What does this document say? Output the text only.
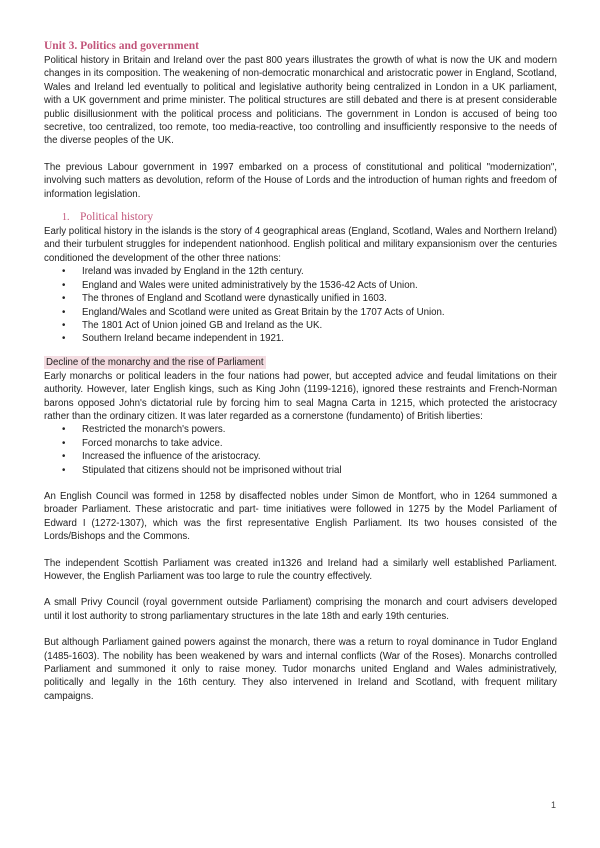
Unit 3. Politics and government

Political history in Britain and Ireland over the past 800 years illustrates the growth of what is now the UK and modern changes in its composition. The weakening of non-democratic monarchical and aristocratic power in England, Scotland, Wales and Ireland led eventually to political and legislative authority being centralized in London in a UK parliament, with a UK government and prime minister. The political structures are still debated and there is at present considerable public disillusionment with the political process and politicians. The government in London is accused of being too secretive, too centralized, too remote, too media-reactive, too controlling and insufficiently responsive to the needs of the diverse peoples of the UK.

The previous Labour government in 1997 embarked on a process of constitutional and political "modernization", involving such matters as devolution, reform of the House of Lords and the introduction of human rights and freedom of information legislation.

1. Political history

Early political history in the islands is the story of 4 geographical areas (England, Scotland, Wales and Northern Ireland) and their turbulent struggles for independent nationhood. English political and military expansionism over the centuries conditioned the development of the other three nations:

•	Ireland was invaded by England in the 12th century.
•	England and Wales were united administratively by the 1536-42 Acts of Union.
•	The thrones of England and Scotland were dynastically unified in 1603.
•	England/Wales and Scotland were united as Great Britain by the 1707 Acts of Union.
•	The 1801 Act of Union joined GB and Ireland as the UK.
•	Southern Ireland became independent in 1921.
Decline of the monarchy and the rise of Parliament

Early monarchs or political leaders in the four nations had power, but accepted advice and feudal limitations on their authority. However, later English kings, such as King John (1199-1216), ignored these restraints and French-Norman barons opposed John's dictatorial rule by forcing him to seal Magna Carta in 1215, which protected the aristocracy rather than the ordinary citizen. It was later regarded as a cornerstone (fundamento) of British liberties:

•	Restricted the monarch's powers.
•	Forced monarchs to take advice.
•	Increased the influence of the aristocracy.
•	Stipulated that citizens should not be imprisoned without trial

An English Council was formed in 1258 by disaffected nobles under Simon de Montfort, who in 1264 summoned a broader Parliament. These aristocratic and part- time initiatives were followed in 1275 by the Model Parliament of Edward I (1272-1307), which was the first representative English Parliament. Its two houses consisted of the Lords/Bishops and the Commons.

The independent Scottish Parliament was created in1326 and Ireland had a similarly well established Parliament. However, the English Parliament was too large to rule the country effectively.

A small Privy Council (royal government outside Parliament) comprising the monarch and court advisers developed until it lost authority to strong parliamentary structures in the late 18th and early 19th centuries.

But although Parliament gained powers against the monarch, there was a return to royal dominance in Tudor England (1485-1603). The nobility has been weakened by wars and internal conflicts (War of the Roses). Monarchs controlled Parliament and summoned it only to raise money. Tudor monarchs united England and Wales administratively, politically and legally in the 16th century. They also intervened in Ireland and Scotland, with frequent military campaigns.

1
